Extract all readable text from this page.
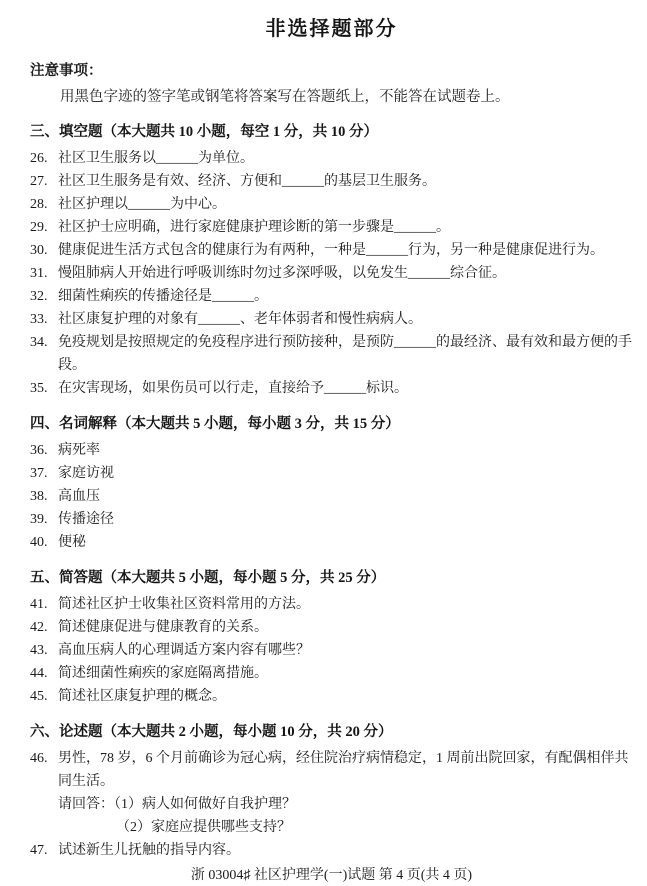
非选择题部分
注意事项：
用黑色字迹的签字笔或钢笔将答案写在答题纸上，不能答在试题卷上。
三、填空题（本大题共 10 小题，每空 1 分，共 10 分）
26. 社区卫生服务以______为单位。
27. 社区卫生服务是有效、经济、方便和______的基层卫生服务。
28. 社区护理以______为中心。
29. 社区护士应明确，进行家庭健康护理诊断的第一步骤是______。
30. 健康促进生活方式包含的健康行为有两种，一种是______行为，另一种是健康促进行为。
31. 慢阻肺病人开始进行呼吸训练时勿过多深呼吸，以免发生______综合征。
32. 细菌性痢疾的传播途径是______。
33. 社区康复护理的对象有______、老年体弱者和慢性病病人。
34. 免疫规划是按照规定的免疫程序进行预防接种，是预防______的最经济、最有效和最方便的手段。
35. 在灾害现场，如果伤员可以行走，直接给予______标识。
四、名词解释（本大题共 5 小题，每小题 3 分，共 15 分）
36. 病死率
37. 家庭访视
38. 高血压
39. 传播途径
40. 便秘
五、简答题（本大题共 5 小题，每小题 5 分，共 25 分）
41. 简述社区护士收集社区资料常用的方法。
42. 简述健康促进与健康教育的关系。
43. 高血压病人的心理调适方案内容有哪些？
44. 简述细菌性痢疾的家庭隔离措施。
45. 简述社区康复护理的概念。
六、论述题（本大题共 2 小题，每小题 10 分，共 20 分）
46. 男性，78 岁，6 个月前确诊为冠心病，经住院治疗病情稳定，1 周前出院回家，有配偶相伴共同生活。
请回答：（1）病人如何做好自我护理？
（2）家庭应提供哪些支持？
47. 试述新生儿抚触的指导内容。
浙 03004♯ 社区护理学(一)试题 第 4 页(共 4 页)
